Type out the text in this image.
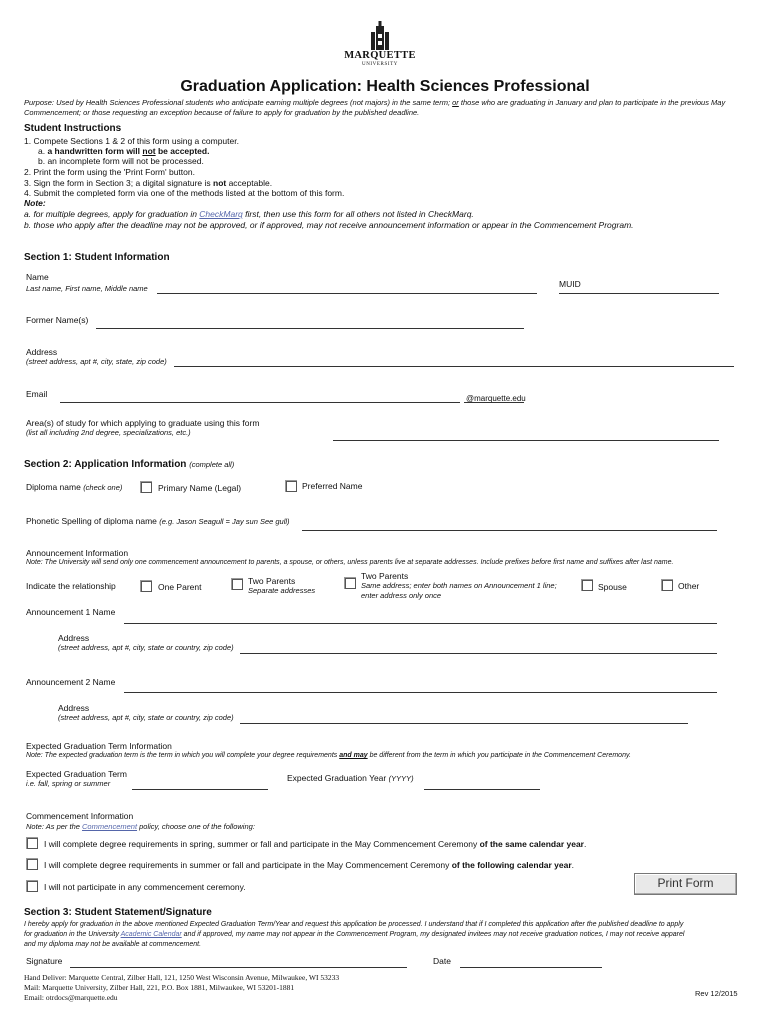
MARQUETTE
UNIVERSITY
Graduation Application: Health Sciences Professional
Purpose: Used by Health Sciences Professional students who anticipate earning multiple degrees (not majors) in the same term; or those who are graduating in January and plan to participate in the previous May
Commencement; or those requesting an exception because of failure to apply for graduation by the published deadline.
Student Instructions
1. Compete Sections 1 & 2 of this form using a computer.
a. a handwritten form will not be accepted.
b. an incomplete form will not be processed.
2. Print the form using the 'Print Form' button.
3. Sign the form in Section 3; a digital signature is not acceptable.
4. Submit the completed form via one of the methods listed at the bottom of this form.
Note:
a. for multiple degrees, apply for graduation in CheckMarq first, then use this form for all others not listed in CheckMarq.
b. those who apply after the deadline may not be approved, or if approved, may not receive announcement information or appear in the Commencement Program.
Section 1: Student Information
Name
Last name, First name, Middle name	MUID
Former Name(s)
Address
(street address, apt #, city, state, zip code)
Email	@marquette.edu
Area(s) of study for which applying to graduate using this form
(list all including 2nd degree, specializations, etc.)
Section 2: Application Information (complete all)
Diploma name (check one)	Primary Name (Legal)	Preferred Name
Phonetic Spelling of diploma name (e.g. Jason Seagull = Jay sun See gull)
Announcement Information
Note: The University will send only one commencement announcement to parents, a spouse, or others, unless parents live at separate addresses. Include prefixes before first name and suffixes after last name.
Indicate the relationship	One Parent
Two Parents
Separate addresses
Two Parents
Same address; enter both names on Announcement 1 line;
enter address only once
Spouse	Other
Announcement 1 Name
Address
(street address, apt #, city, state or country, zip code)
Announcement 2 Name
Address
(street address, apt #, city, state or country, zip code)
Expected Graduation Term Information
Note: The expected graduation term is the term in which you will complete your degree requirements and may be different from the term in which you participate in the Commencement Ceremony.
Expected Graduation Term
i.e. fall, spring or summer
Expected Graduation Year (YYYY)
Commencement Information
Note: As per the Commencement policy, choose one of the following:
I will complete degree requirements in spring, summer or fall and participate in the May Commencement Ceremony of the same calendar year.
I will complete degree requirements in summer or fall and participate in the May Commencement Ceremony of the following calendar year.
I will not participate in any commencement ceremony.	Print Form
Section 3: Student Statement/Signature
I hereby apply for graduation in the above mentioned Expected Graduation Term/Year and request this application be processed. I understand that if I completed this application after the published deadline to apply
for graduation in the University Academic Calendar and if approved, my name may not appear in the Commencement Program, my designated invitees may not receive graduation notices, I may not receive apparel
and my diploma may not be available at commencement.
Signature	Date
Hand Deliver: Marquette Central, Zilber Hall, 121, 1250 West Wisconsin Avenue, Milwaukee, WI 53233
Mail: Marquette University, Zilber Hall, 221, P.O. Box 1881, Milwaukee, WI 53201-1881
Email: otrdocs@marquette.edu	Rev 12/2015
